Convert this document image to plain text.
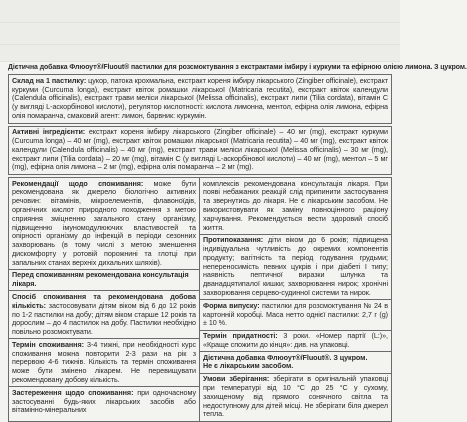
Дієтична добавка Флюоут®/Fluout® пастилки для розсмоктування з екстрактами імбиру і куркуми та ефірною олією лимона. З цукром.
Склад на 1 пастилку: цукор, патока крохмальна, екстракт кореня імбиру лікарського (Zingiber officinale), екстракт куркуми (Curcuma longa), екстракт квіток ромашки лікарської (Matricaria recutita), екстракт квіток календули (Calendula officinalis), екстракт трави меліси лікарської (Melissa officinalis), екстракт липи (Tilia cordata), вітамін С (у вигляді L-аскорбінової кислоти), регулятор кислотності: кислота лимонна, ментол, ефірна олія лимона, ефірна олія помаранча, смаковий агент: лимон, барвник: куркумін.
Активні інгредієнти: екстракт кореня імбиру лікарського (Zingiber officinale) – 40 мг (mg), екстракт куркуми (Curcuma longa) – 40 мг (mg), екстракт квіток ромашки лікарської (Matricaria recutita) – 40 мг (mg), екстракт квіток календули (Calendula officinalis) – 40 мг (mg), екстракт трави меліси лікарської (Melissa officinalis) – 30 мг (mg), екстракт липи (Tilia cordata) – 20 мг (mg), вітамін С (у вигляді L-аскорбінової кислоти) – 40 мг (mg), ментол – 5 мг (mg), ефірна олія лимона – 2 мг (mg), ефірна олія помаранча – 2 мг (mg).
Рекомендації щодо споживання: може бути рекомендована як джерело біологічно активних речовин: вітамінів, мікроелементів, флавоноїдів, органічних кислот природного походження з метою сприяння зміцненню загального стану організму, підвищенню імуномодулюючих властивостей та опірності організму до інфекцій в періоди сезонних захворювань (в тому числі з метою зменшення дискомфорту у ротовій порожнині та глотці при запальних станах верхніх дихальних шляхів).
Перед споживанням рекомендована консультація лікаря.
Спосіб споживання та рекомендована добова кількість: застосовувати дітям віком від 6 до 12 років по 1-2 пастилки на добу; дітям віком старше 12 років та дорослим – до 4 пастилок на добу. Пастилки необхідно повільно розсмоктувати.
Термін споживання: 3-4 тижні, при необхідності курс споживання можна повторити 2-3 рази на рік з перервою 4-6 тижнів. Кількість та термін споживання може бути змінено лікарем. Не перевищувати рекомендовану добову кількість.
Застереження щодо споживання: при одночасному застосуванні будь-яких лікарських засобів або вітамінно-мінеральних
комплексів рекомендована консультація лікаря. При появі небажаних реакцій слід припинити застосування та звернутись до лікаря. Не є лікарським засобом. Не використовувати як заміну повноцінного раціону харчування. Рекомендується вести здоровий спосіб життя.
Протипоказання: діти віком до 6 років; підвищена індивідуальна чутливість до окремих компонентів продукту; вагітність та період годування грудьми; непереносимість певних цукрів і при діабеті І типу; наявність пептичної виразки шлунка та дванадцятипалої кишки; захворювання нирок; хронічні захворювання серцево-судинної системи та нирок.
Форма випуску: пастилки для розсмоктування № 24 в картонній коробці. Маса нетто однієї пастилки: 2,7 г (g) ± 10 %.
Термін придатності: 3 роки. «Номер партії (L:)», «Краще спожити до кінця»: див. на упаковці.
Дієтична добавка Флюоут®/Fluout®. З цукром.
Не є лікарським засобом.
Умови зберігання: зберігати в оригінальній упаковці при температурі від 10 °С до 25 °С у сухому, захищеному від прямого сонячного світла та недоступному для дітей місці. Не зберігати біля джерел тепла.
